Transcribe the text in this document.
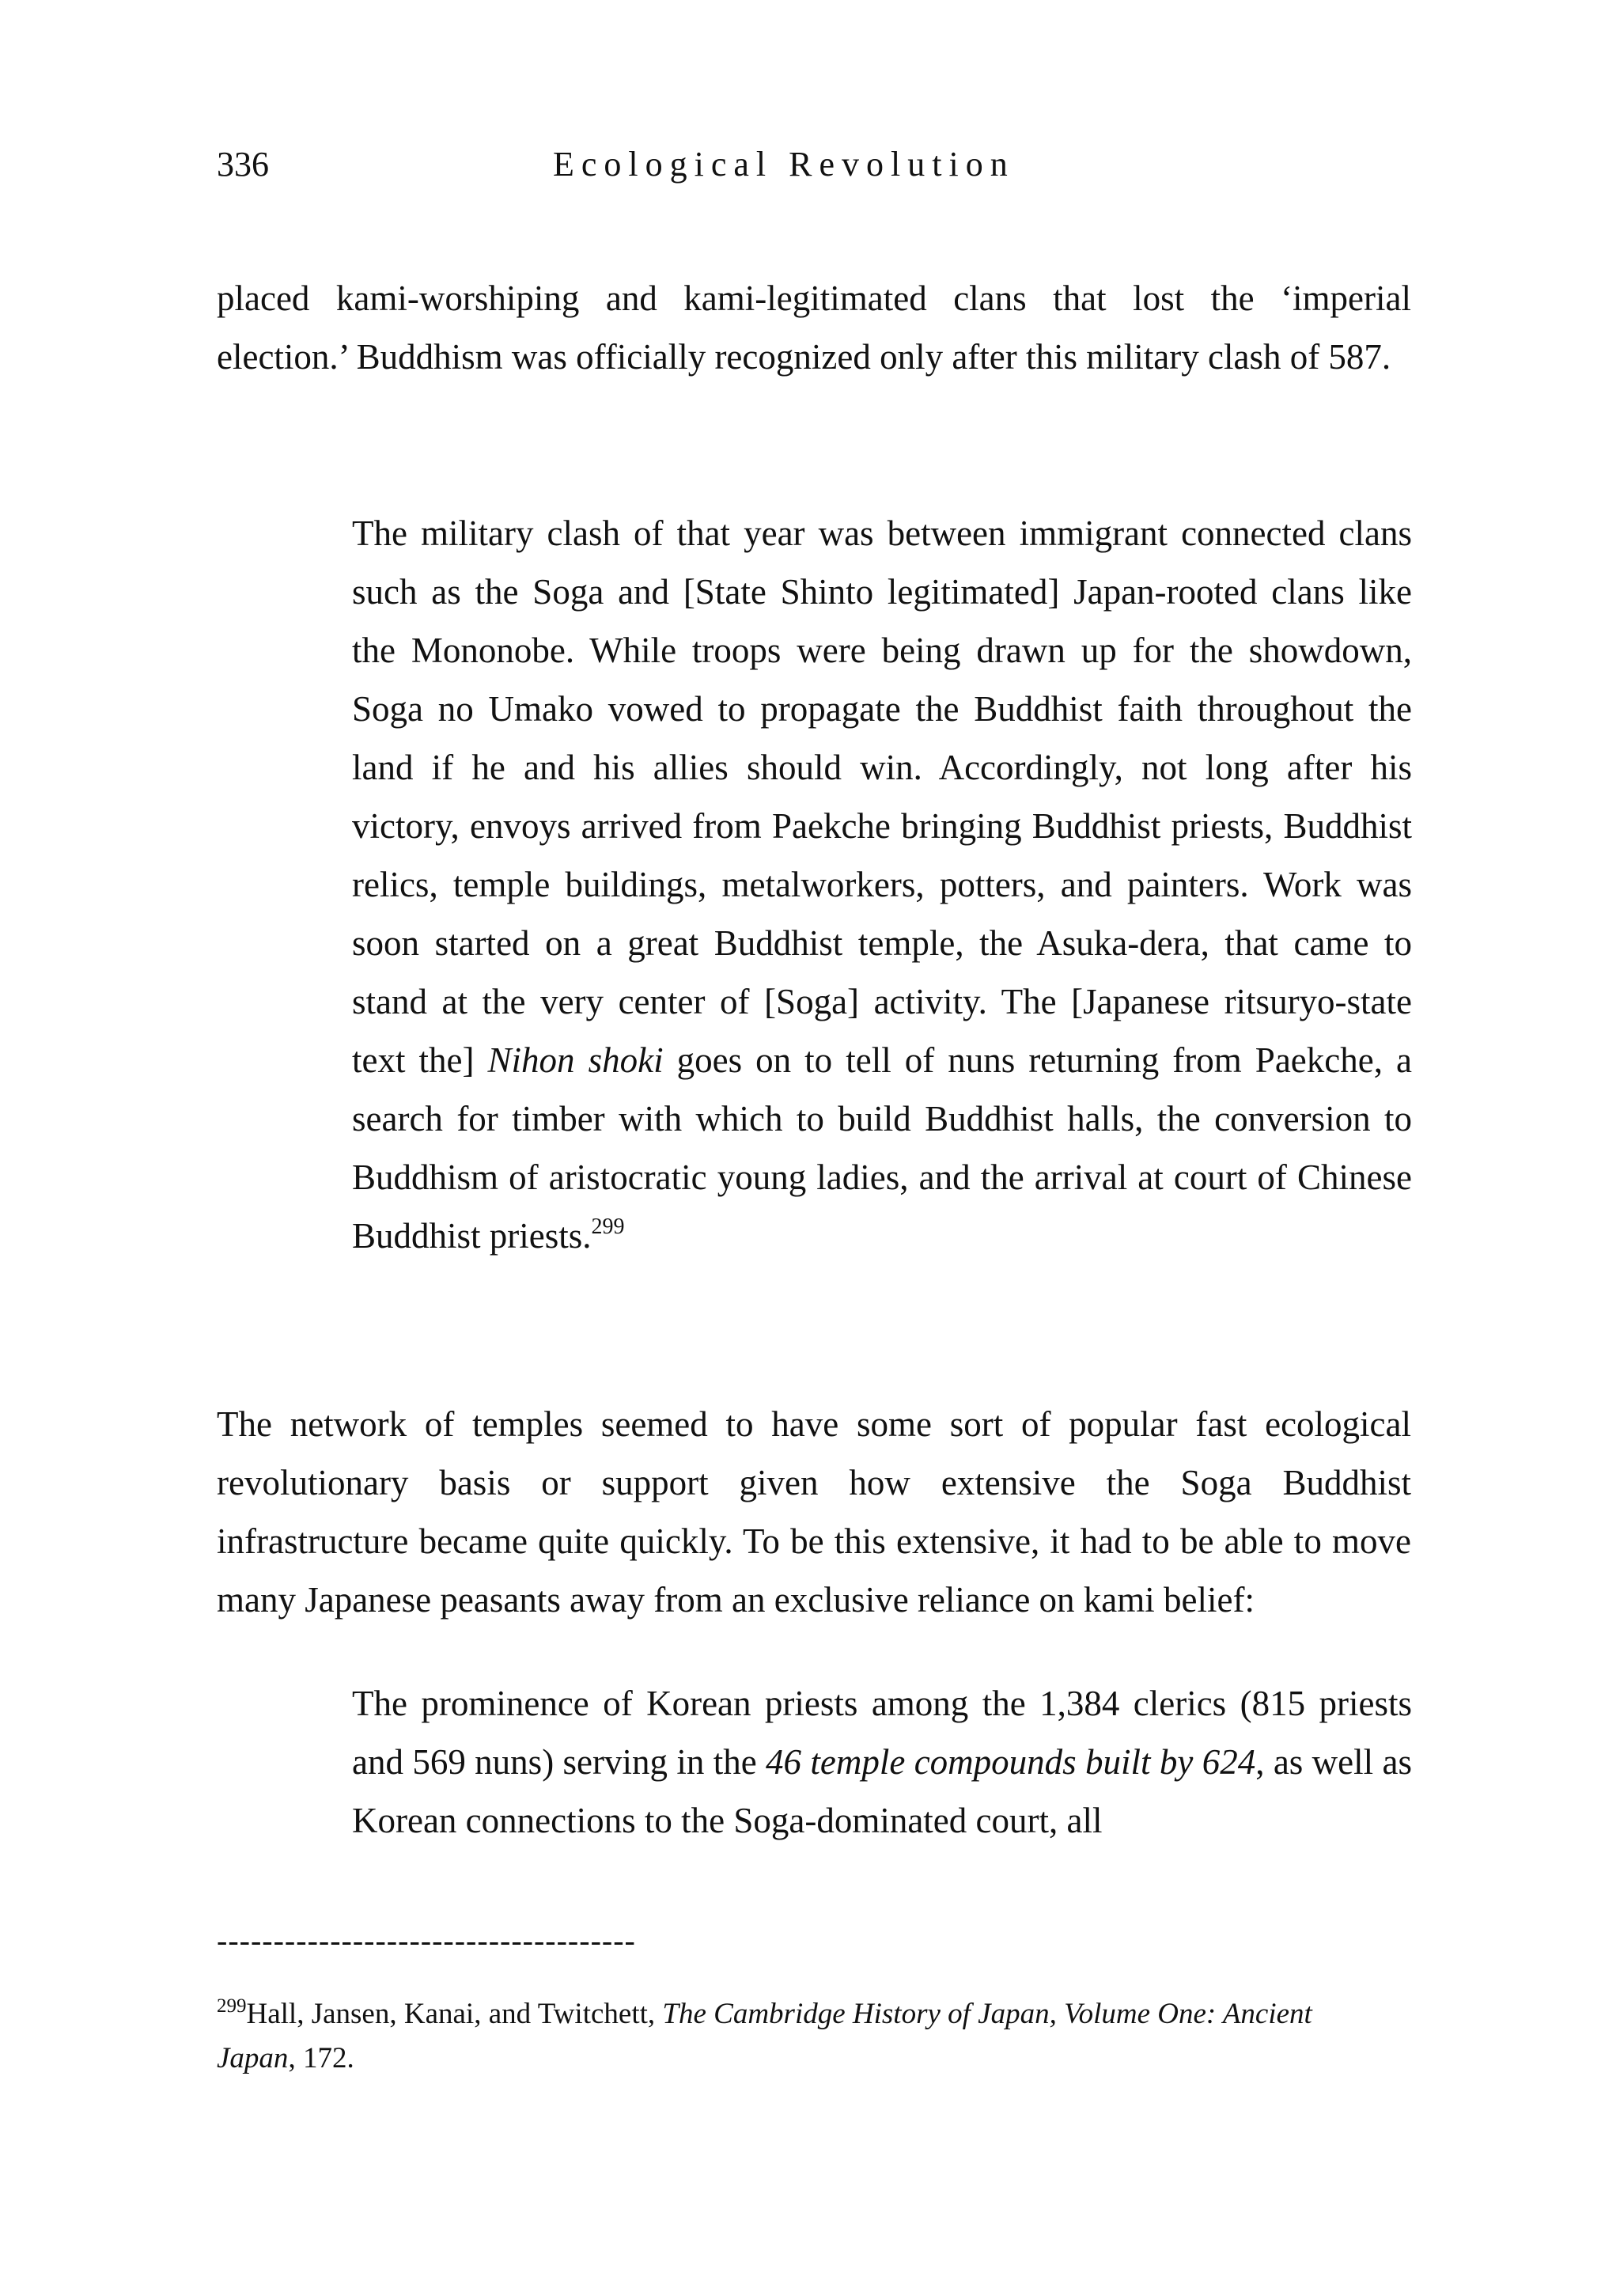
336	Ecological Revolution

placed kami-worshiping and kami-legitimated clans that lost the ‘imperial election.’ Buddhism was officially recognized only after this military clash of 587.

The military clash of that year was between immigrant connected clans such as the Soga and [State Shinto legitimated] Japan-rooted clans like the Mononobe. While troops were being drawn up for the showdown, Soga no Umako vowed to propagate the Buddhist faith throughout the land if he and his allies should win. Accordingly, not long after his victory, envoys arrived from Paekche bringing Buddhist priests, Buddhist relics, temple buildings, metalworkers, potters, and painters. Work was soon started on a great Buddhist temple, the Asuka-dera, that came to stand at the very center of [Soga] activity. The [Japanese ritsuryo-state text the] Nihon shoki goes on to tell of nuns returning from Paekche, a search for timber with which to build Buddhist halls, the conversion to Buddhism of aristocratic young ladies, and the arrival at court of Chinese Buddhist priests.$^{299}$

The network of temples seemed to have some sort of popular fast ecological revolutionary basis or support given how extensive the Soga Buddhist infrastructure became quite quickly. To be this extensive, it had to be able to move many Japanese peasants away from an exclusive reliance on kami belief:

The prominence of Korean priests among the 1,384 clerics (815 priests and 569 nuns) serving in the 46 temple compounds built by 624, as well as Korean connections to the Soga-dominated court, all

-------------------------------------

$^{299}$Hall, Jansen, Kanai, and Twitchett, The Cambridge History of Japan, Volume One: Ancient Japan, 172.
